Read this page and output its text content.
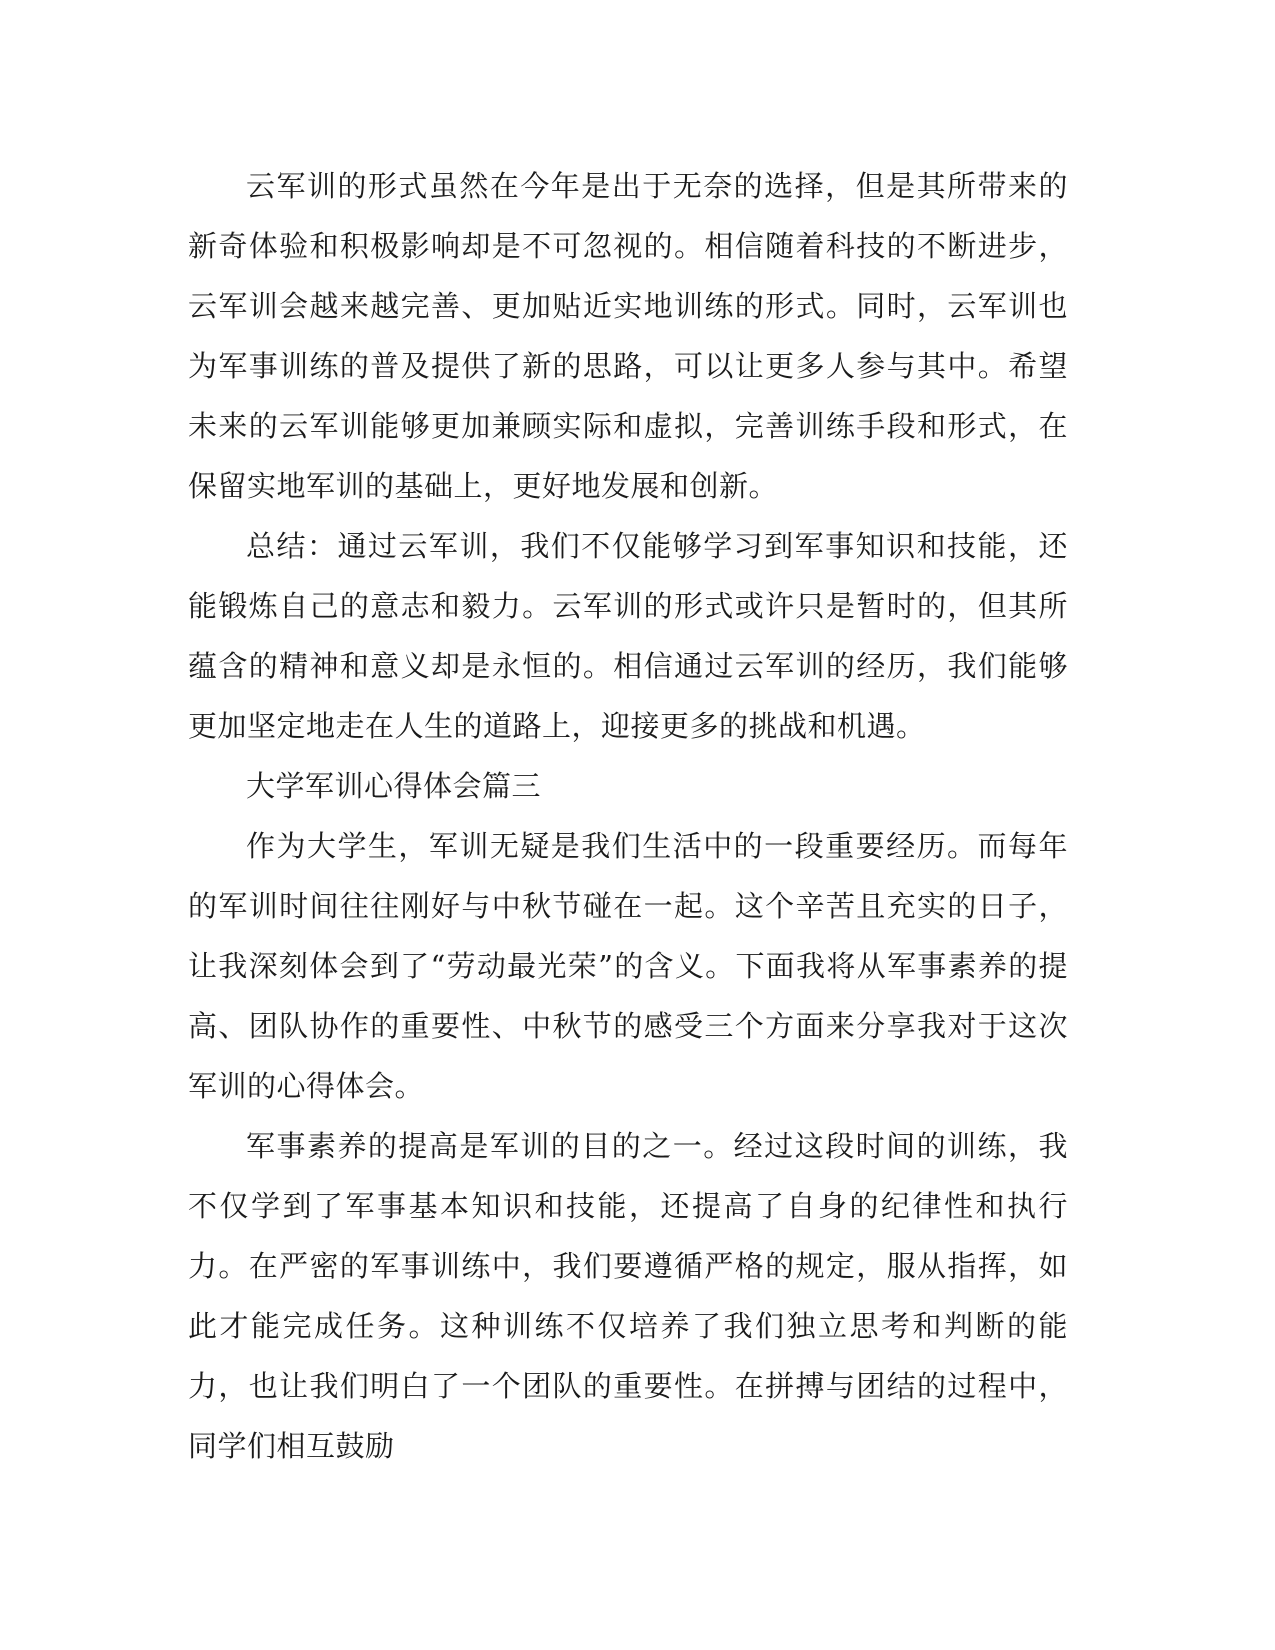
云军训的形式虽然在今年是出于无奈的选择，但是其所带来的新奇体验和积极影响却是不可忽视的。相信随着科技的不断进步，云军训会越来越完善、更加贴近实地训练的形式。同时，云军训也为军事训练的普及提供了新的思路，可以让更多人参与其中。希望未来的云军训能够更加兼顾实际和虚拟，完善训练手段和形式，在保留实地军训的基础上，更好地发展和创新。

总结：通过云军训，我们不仅能够学习到军事知识和技能，还能锻炼自己的意志和毅力。云军训的形式或许只是暂时的，但其所蕴含的精神和意义却是永恒的。相信通过云军训的经历，我们能够更加坚定地走在人生的道路上，迎接更多的挑战和机遇。

大学军训心得体会篇三

作为大学生，军训无疑是我们生活中的一段重要经历。而每年的军训时间往往刚好与中秋节碰在一起。这个辛苦且充实的日子，让我深刻体会到了“劳动最光荣”的含义。下面我将从军事素养的提高、团队协作的重要性、中秋节的感受三个方面来分享我对于这次军训的心得体会。

军事素养的提高是军训的目的之一。经过这段时间的训练，我不仅学到了军事基本知识和技能，还提高了自身的纪律性和执行力。在严密的军事训练中，我们要遵循严格的规定，服从指挥，如此才能完成任务。这种训练不仅培养了我们独立思考和判断的能力，也让我们明白了一个团队的重要性。在拼搏与团结的过程中，同学们相互鼓励
